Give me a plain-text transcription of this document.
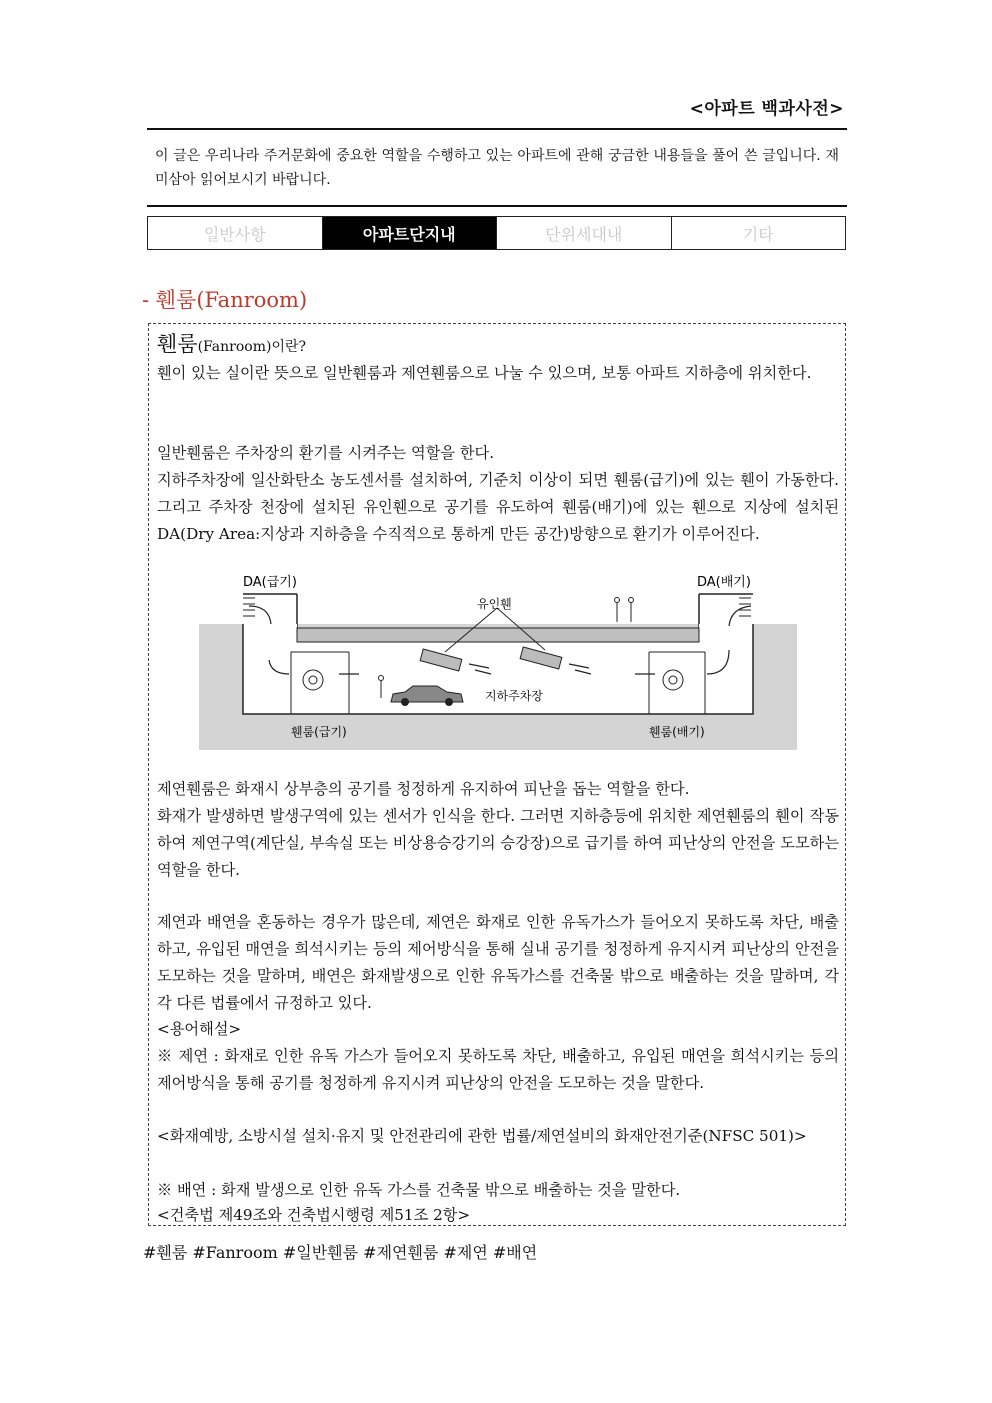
<아파트 백과사전>
이 글은 우리나라 주거문화에 중요한 역할을 수행하고 있는 아파트에 관해 궁금한 내용들을 풀어 쓴 글입니다. 재미삼아 읽어보시기 바랍니다.
일반사항	아파트단지내	단위세대내	기타
- 휀룸(Fanroom)
휀룸(Fanroom)이란?
휀이 있는 실이란 뜻으로 일반휀룸과 제연휀룸으로 나눌 수 있으며, 보통 아파트 지하층에 위치한다.
일반휀룸은 주차장의 환기를 시켜주는 역할을 한다.
지하주차장에 일산화탄소 농도센서를 설치하여, 기준치 이상이 되면 휀룸(급기)에 있는 휀이 가동한다. 그리고 주차장 천장에 설치된 유인휀으로 공기를 유도하여 휀룸(배기)에 있는 휀으로 지상에 설치된 DA(Dry Area:지상과 지하층을 수직적으로 통하게 만든 공간)방향으로 환기가 이루어진다.
DA(급기)	DA(배기)
유인휀
지하주차장
휀룸(급기)	휀룸(배기)
제연휀룸은 화재시 상부층의 공기를 청정하게 유지하여 피난을 돕는 역할을 한다.
화재가 발생하면 발생구역에 있는 센서가 인식을 한다. 그러면 지하층등에 위치한 제연휀룸의 휀이 작동하여 제연구역(계단실, 부속실 또는 비상용승강기의 승강장)으로 급기를 하여 피난상의 안전을 도모하는 역할을 한다.
제연과 배연을 혼동하는 경우가 많은데, 제연은 화재로 인한 유독가스가 들어오지 못하도록 차단, 배출하고, 유입된 매연을 희석시키는 등의 제어방식을 통해 실내 공기를 청정하게 유지시켜 피난상의 안전을 도모하는 것을 말하며, 배연은 화재발생으로 인한 유독가스를 건축물 밖으로 배출하는 것을 말하며, 각각 다른 법률에서 규정하고 있다.
<용어해설>
※ 제연 : 화재로 인한 유독 가스가 들어오지 못하도록 차단, 배출하고, 유입된 매연을 희석시키는 등의 제어방식을 통해 공기를 청정하게 유지시켜 피난상의 안전을 도모하는 것을 말한다.
<화재예방, 소방시설 설치·유지 및 안전관리에 관한 법률/제연설비의 화재안전기준(NFSC 501)>
※ 배연 : 화재 발생으로 인한 유독 가스를 건축물 밖으로 배출하는 것을 말한다.
<건축법 제49조와 건축법시행령 제51조 2항>
#휀룸 #Fanroom #일반휀룸 #제연휀룸 #제연 #배연
